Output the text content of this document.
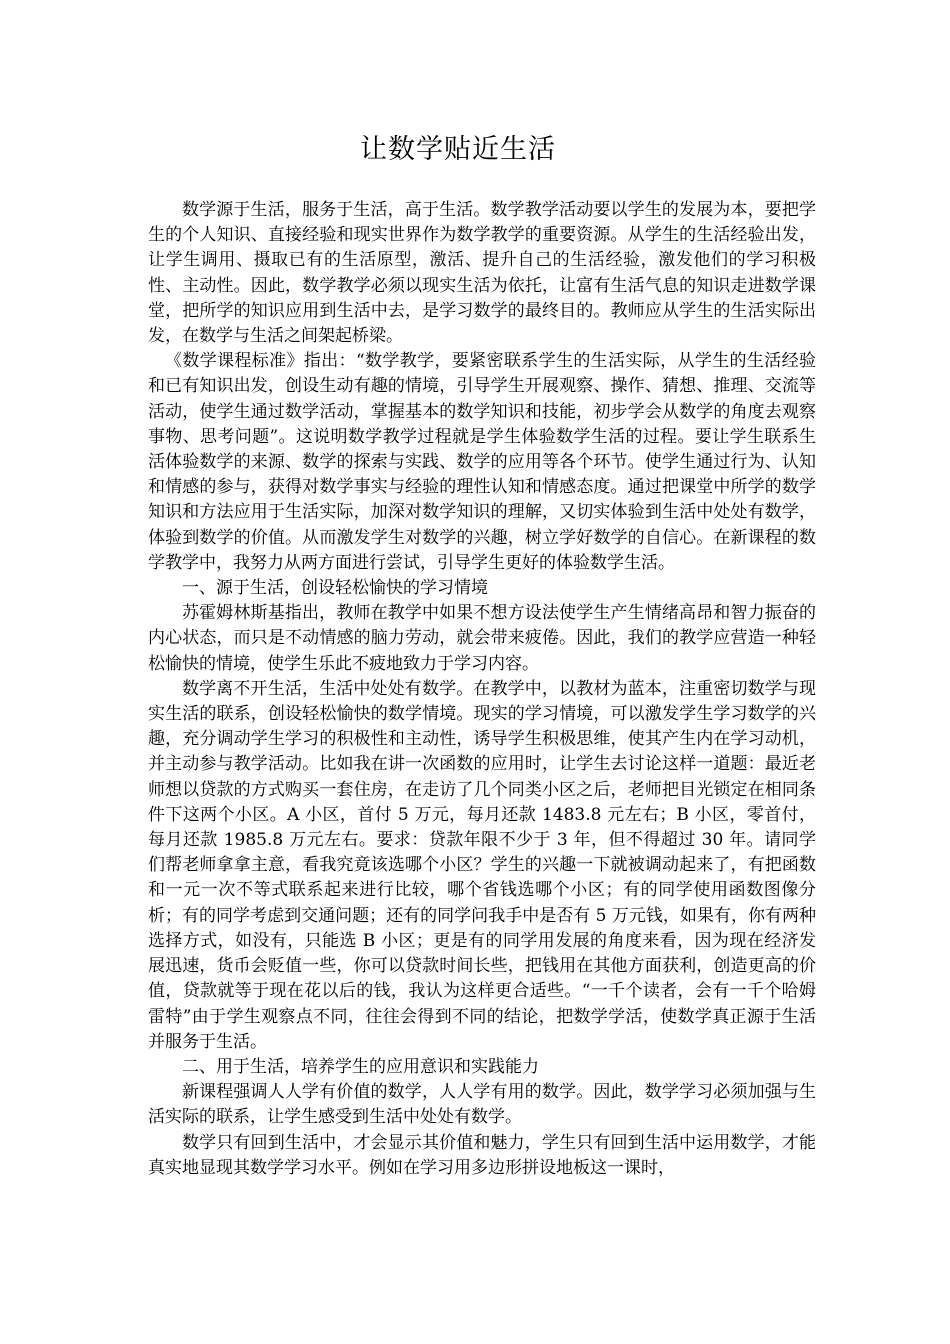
让数学贴近生活

数学源于生活，服务于生活，高于生活。数学教学活动要以学生的发展为本，要把学生的个人知识、直接经验和现实世界作为数学教学的重要资源。从学生的生活经验出发，让学生调用、摄取已有的生活原型，激活、提升自己的生活经验，激发他们的学习积极性、主动性。因此，数学教学必须以现实生活为依托，让富有生活气息的知识走进数学课堂，把所学的知识应用到生活中去，是学习数学的最终目的。教师应从学生的生活实际出发，在数学与生活之间架起桥梁。

《数学课程标准》指出：“数学教学，要紧密联系学生的生活实际，从学生的生活经验和已有知识出发，创设生动有趣的情境，引导学生开展观察、操作、猜想、推理、交流等活动，使学生通过数学活动，掌握基本的数学知识和技能，初步学会从数学的角度去观察事物、思考问题”。这说明数学教学过程就是学生体验数学生活的过程。要让学生联系生活体验数学的来源、数学的探索与实践、数学的应用等各个环节。使学生通过行为、认知和情感的参与，获得对数学事实与经验的理性认知和情感态度。通过把课堂中所学的数学知识和方法应用于生活实际，加深对数学知识的理解，又切实体验到生活中处处有数学，体验到数学的价值。从而激发学生对数学的兴趣，树立学好数学的自信心。在新课程的数学教学中，我努力从两方面进行尝试，引导学生更好的体验数学生活。

一、源于生活，创设轻松愉快的学习情境

苏霍姆林斯基指出，教师在教学中如果不想方设法使学生产生情绪高昂和智力振奋的内心状态，而只是不动情感的脑力劳动，就会带来疲倦。因此，我们的教学应营造一种轻松愉快的情境，使学生乐此不疲地致力于学习内容。

数学离不开生活，生活中处处有数学。在教学中，以教材为蓝本，注重密切数学与现实生活的联系，创设轻松愉快的数学情境。现实的学习情境，可以激发学生学习数学的兴趣，充分调动学生学习的积极性和主动性，诱导学生积极思维，使其产生内在学习动机，并主动参与教学活动。比如我在讲一次函数的应用时，让学生去讨论这样一道题：最近老师想以贷款的方式购买一套住房，在走访了几个同类小区之后，老师把目光锁定在相同条件下这两个小区。A 小区，首付 5 万元，每月还款 1483.8 元左右；B 小区，零首付，每月还款 1985.8 万元左右。要求：贷款年限不少于 3 年，但不得超过 30 年。请同学们帮老师拿拿主意，看我究竟该选哪个小区？学生的兴趣一下就被调动起来了，有把函数和一元一次不等式联系起来进行比较，哪个省钱选哪个小区；有的同学使用函数图像分析；有的同学考虑到交通问题；还有的同学问我手中是否有 5 万元钱，如果有，你有两种选择方式，如没有，只能选 B 小区；更是有的同学用发展的角度来看，因为现在经济发展迅速，货币会贬值一些，你可以贷款时间长些，把钱用在其他方面获利，创造更高的价值，贷款就等于现在花以后的钱，我认为这样更合适些。“一千个读者，会有一千个哈姆雷特”由于学生观察点不同，往往会得到不同的结论，把数学学活，使数学真正源于生活并服务于生活。

二、用于生活，培养学生的应用意识和实践能力

新课程强调人人学有价值的数学，人人学有用的数学。因此，数学学习必须加强与生活实际的联系，让学生感受到生活中处处有数学。

数学只有回到生活中，才会显示其价值和魅力，学生只有回到生活中运用数学，才能真实地显现其数学学习水平。例如在学习用多边形拼设地板这一课时，
